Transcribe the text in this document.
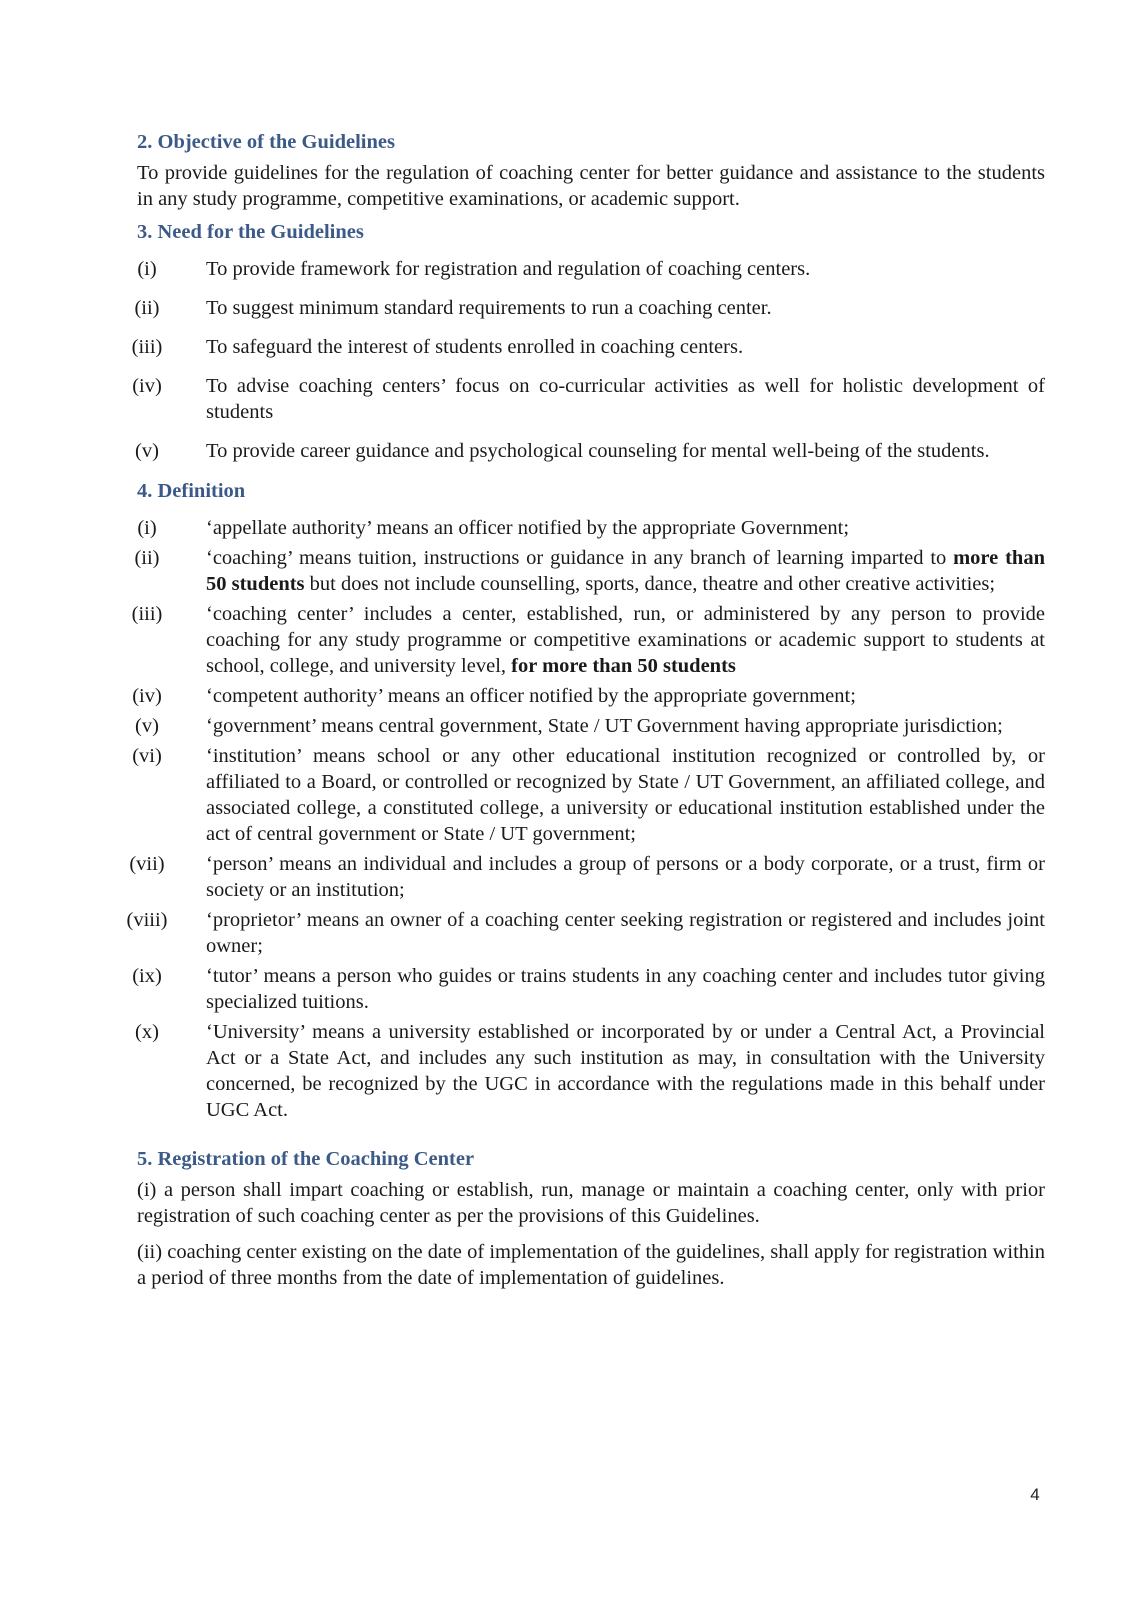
2. Objective of the Guidelines

To provide guidelines for the regulation of coaching center for better guidance and assistance to the students in any study programme, competitive examinations, or academic support.

3. Need for the Guidelines
(i)	To provide framework for registration and regulation of coaching centers.
(ii)	To suggest minimum standard requirements to run a coaching center.
(iii)	To safeguard the interest of students enrolled in coaching centers.
(iv)	To advise coaching centers’ focus on co-curricular activities as well for holistic development of students
(v)	To provide career guidance and psychological counseling for mental well-being of the students.
4. Definition
(i)	‘appellate authority’ means an officer notified by the appropriate Government;
(ii)	‘coaching’ means tuition, instructions or guidance in any branch of learning imparted to more than 50 students but does not include counselling, sports, dance, theatre and other creative activities;
(iii)	‘coaching center’ includes a center, established, run, or administered by any person to provide coaching for any study programme or competitive examinations or academic support to students at school, college, and university level, for more than 50 students
(iv)	‘competent authority’ means an officer notified by the appropriate government;
(v)	‘government’ means central government, State / UT Government having appropriate jurisdiction;
(vi)	‘institution’ means school or any other educational institution recognized or controlled by, or affiliated to a Board, or controlled or recognized by State / UT Government, an affiliated college, and associated college, a constituted college, a university or educational institution established under the act of central government or State / UT government;
(vii)	‘person’ means an individual and includes a group of persons or a body corporate, or a trust, firm or society or an institution;
(viii) ‘proprietor’ means an owner of a coaching center seeking registration or registered and includes joint owner;
(ix)	‘tutor’ means a person who guides or trains students in any coaching center and includes tutor giving specialized tuitions.
(x)	‘University’ means a university established or incorporated by or under a Central Act, a Provincial Act or a State Act, and includes any such institution as may, in consultation with the University concerned, be recognized by the UGC in accordance with the regulations made in this behalf under UGC Act.
5. Registration of the Coaching Center

(i) a person shall impart coaching or establish, run, manage or maintain a coaching center, only with prior registration of such coaching center as per the provisions of this Guidelines.

(ii) coaching center existing on the date of implementation of the guidelines, shall apply for registration within a period of three months from the date of implementation of guidelines.

4
